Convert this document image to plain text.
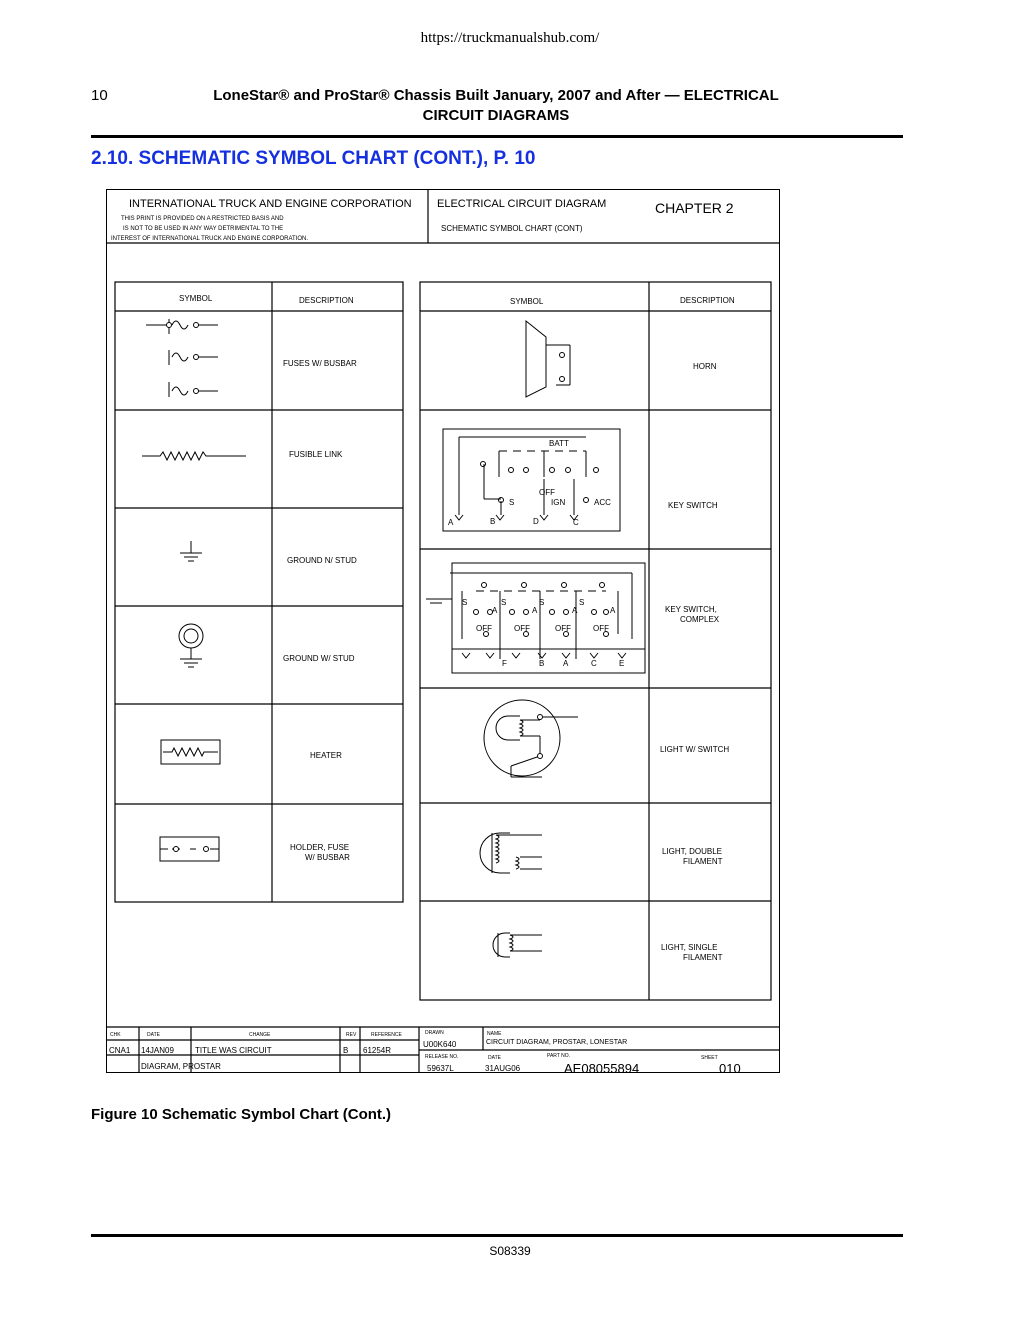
https://truckmanualshub.com/
10	LoneStar® and ProStar® Chassis Built January, 2007 and After — ELECTRICAL
CIRCUIT DIAGRAMS
2.10. SCHEMATIC SYMBOL CHART (CONT.), P. 10
INTERNATIONAL TRUCK AND ENGINE CORPORATION
THIS PRINT IS PROVIDED ON A RESTRICTED BASIS AND
IS NOT TO BE USED IN ANY WAY DETRIMENTAL TO THE
INTEREST OF INTERNATIONAL TRUCK AND ENGINE CORPORATION.
ELECTRICAL CIRCUIT DIAGRAM	CHAPTER 2
SCHEMATIC SYMBOL CHART (CONT)
SYMBOL	DESCRIPTION
FUSES W/ BUSBAR
FUSIBLE LINK
GROUND N/ STUD
GROUND W/ STUD
HEATER
HOLDER, FUSE
W/ BUSBAR
SYMBOL	DESCRIPTION
HORN
KEY SWITCH
KEY SWITCH,
COMPLEX
LIGHT W/ SWITCH
LIGHT, DOUBLE
FILAMENT
LIGHT, SINGLE
FILAMENT
BATT
OFF
S	IGN	ACC
A	B	D	C
S	S	S	S
A	A	A	A
OFF	OFF	OFF	OFF
F	B A	C	E
CHK	DATE	CHANGE	REV	REFERENCE
CNA1 14JAN09	TITLE WAS CIRCUIT	B 61254R
DIAGRAM, PROSTAR
DRAWN
U00K640
NAME
CIRCUIT DIAGRAM, PROSTAR, LONESTAR
RELEASE NO.
59637L
DATE
31AUG06
PART NO.
AE08055894
SHEET
010
Figure 10 Schematic Symbol Chart (Cont.)
S08339
